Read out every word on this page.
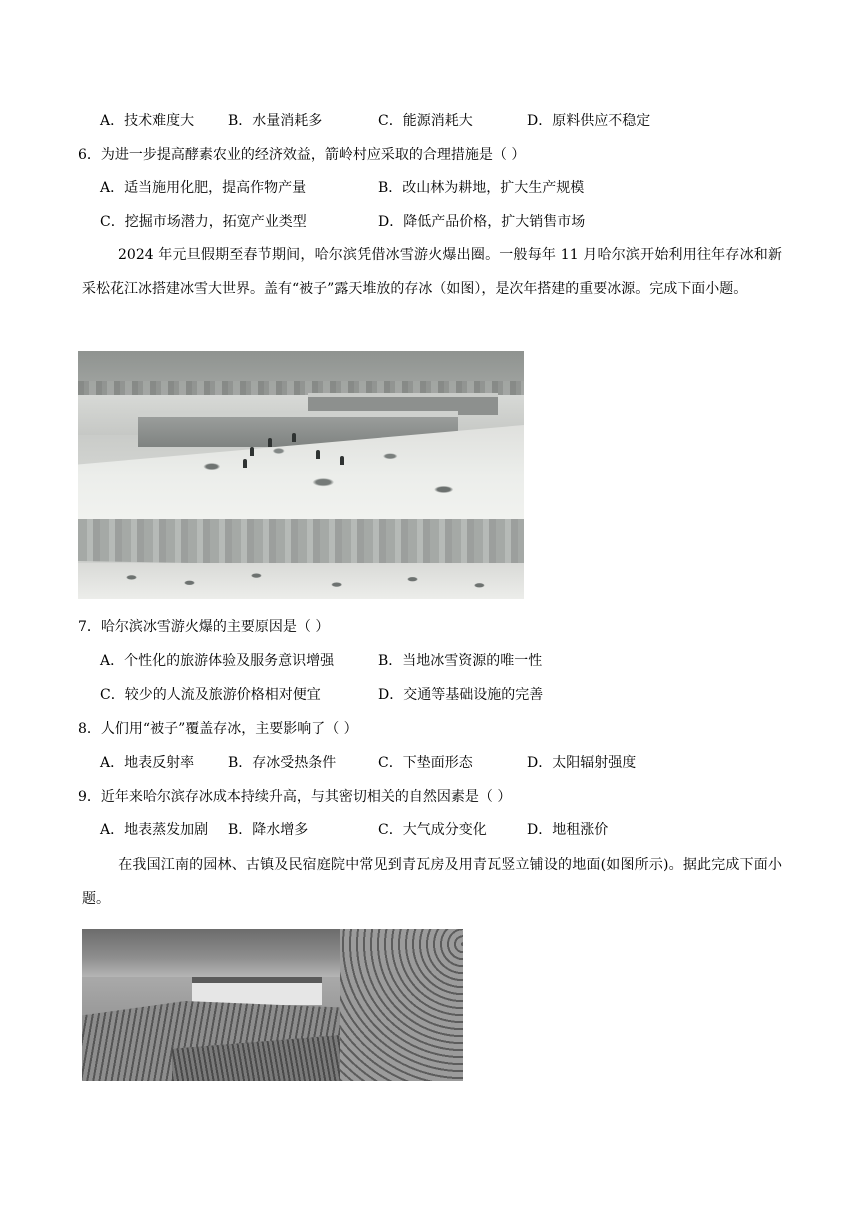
A．技术难度大 B．水量消耗多	C．能源消耗大	D．原料供应不稳定
6．为进一步提高酵素农业的经济效益，箭岭村应采取的合理措施是（ ）
A．适当施用化肥，提高作物产量	B．改山林为耕地，扩大生产规模
C．挖掘市场潜力，拓宽产业类型	D．降低产品价格，扩大销售市场
2024 年元旦假期至春节期间，哈尔滨凭借冰雪游火爆出圈。一般每年 11 月哈尔滨开始利用往年存冰和新采松花江冰搭建冰雪大世界。盖有“被子”露天堆放的存冰（如图），是次年搭建的重要冰源。完成下面小题。
7．哈尔滨冰雪游火爆的主要原因是（ ）
A．个性化的旅游体验及服务意识增强	B．当地冰雪资源的唯一性
C．较少的人流及旅游价格相对便宜	D．交通等基础设施的完善
8．人们用“被子”覆盖存冰，主要影响了（ ）
A．地表反射率 B．存冰受热条件	C．下垫面形态	D．太阳辐射强度
9．近年来哈尔滨存冰成本持续升高，与其密切相关的自然因素是（ ）
A．地表蒸发加剧 B．降水增多	C．大气成分变化	D．地租涨价
在我国江南的园林、古镇及民宿庭院中常见到青瓦房及用青瓦竖立铺设的地面(如图所示)。据此完成下面小题。
